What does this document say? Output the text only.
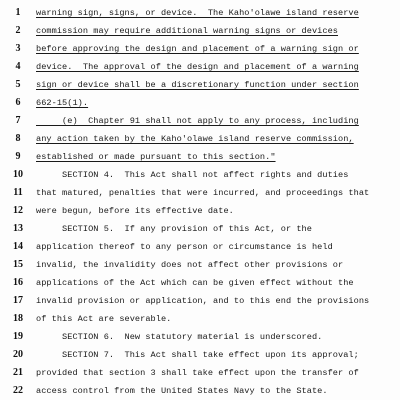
1	warning sign, signs, or device.  The Kaho'olawe island reserve
2	commission may require additional warning signs or devices
3	before approving the design and placement of a warning sign or
4	device.  The approval of the design and placement of a warning
5	sign or device shall be a discretionary function under section
6	662-15(1).
7	(e)  Chapter 91 shall not apply to any process, including
8	any action taken by the Kaho'olawe island reserve commission,
9	established or made pursuant to this section."
10	SECTION 4.  This Act shall not affect rights and duties
11	that matured, penalties that were incurred, and proceedings that
12	were begun, before its effective date.
13	SECTION 5.  If any provision of this Act, or the
14	application thereof to any person or circumstance is held
15	invalid, the invalidity does not affect other provisions or
16	applications of the Act which can be given effect without the
17	invalid provision or application, and to this end the provisions
18	of this Act are severable.
19	SECTION 6.  New statutory material is underscored.
20	SECTION 7.  This Act shall take effect upon its approval;
21	provided that section 3 shall take effect upon the transfer of
22	access control from the United States Navy to the State.
